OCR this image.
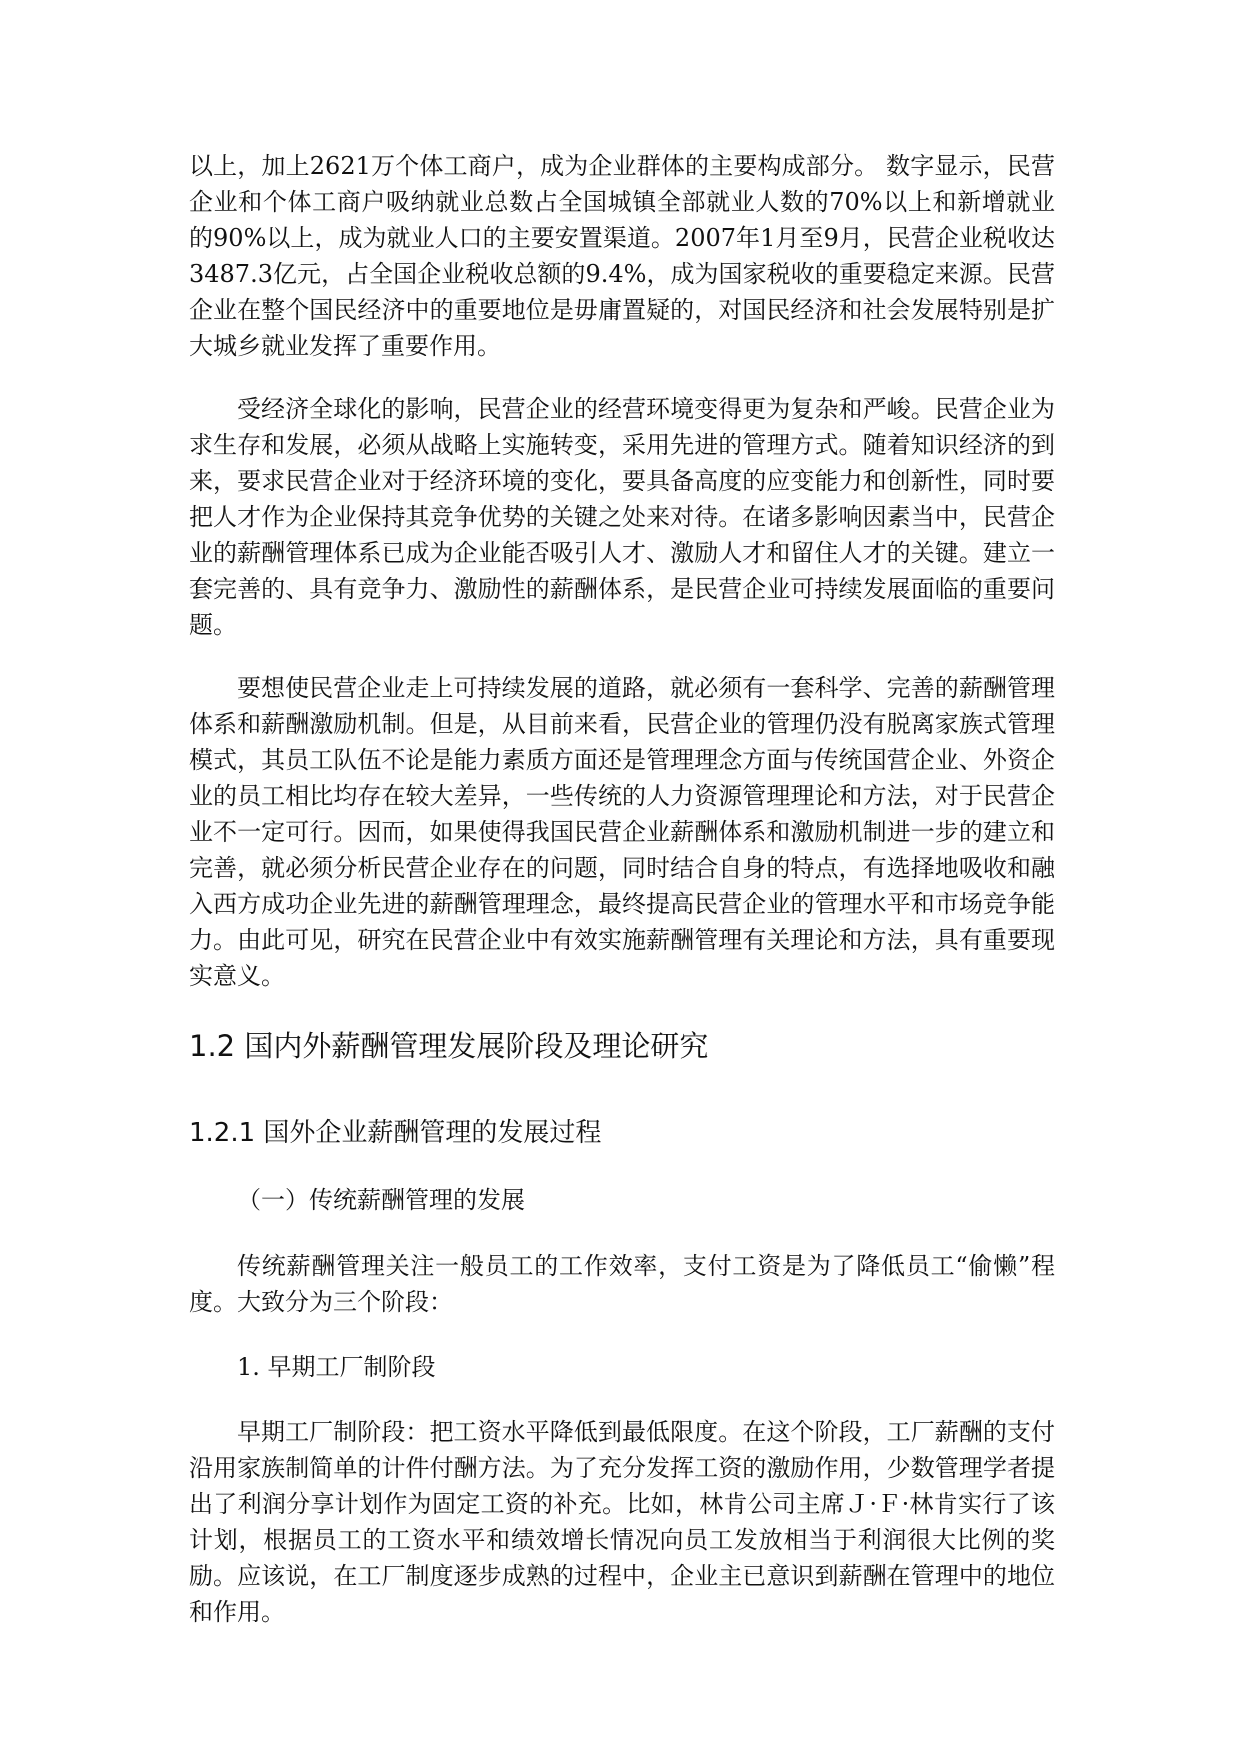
以上，加上2621万个体工商户，成为企业群体的主要构成部分。 数字显示，民营企业和个体工商户吸纳就业总数占全国城镇全部就业人数的70%以上和新增就业的90%以上，成为就业人口的主要安置渠道。2007年1月至9月，民营企业税收达3487.3亿元，占全国企业税收总额的9.4%，成为国家税收的重要稳定来源。民营企业在整个国民经济中的重要地位是毋庸置疑的，对国民经济和社会发展特别是扩大城乡就业发挥了重要作用。

受经济全球化的影响，民营企业的经营环境变得更为复杂和严峻。民营企业为求生存和发展，必须从战略上实施转变，采用先进的管理方式。随着知识经济的到来，要求民营企业对于经济环境的变化，要具备高度的应变能力和创新性，同时要把人才作为企业保持其竞争优势的关键之处来对待。在诸多影响因素当中，民营企业的薪酬管理体系已成为企业能否吸引人才、激励人才和留住人才的关键。建立一套完善的、具有竞争力、激励性的薪酬体系，是民营企业可持续发展面临的重要问题。

要想使民营企业走上可持续发展的道路，就必须有一套科学、完善的薪酬管理体系和薪酬激励机制。但是，从目前来看，民营企业的管理仍没有脱离家族式管理模式，其员工队伍不论是能力素质方面还是管理理念方面与传统国营企业、外资企业的员工相比均存在较大差异，一些传统的人力资源管理理论和方法，对于民营企业不一定可行。因而，如果使得我国民营企业薪酬体系和激励机制进一步的建立和完善，就必须分析民营企业存在的问题，同时结合自身的特点，有选择地吸收和融入西方成功企业先进的薪酬管理理念，最终提高民营企业的管理水平和市场竞争能力。由此可见，研究在民营企业中有效实施薪酬管理有关理论和方法，具有重要现实意义。

1.2 国内外薪酬管理发展阶段及理论研究
1.2.1 国外企业薪酬管理的发展过程

（一）传统薪酬管理的发展

传统薪酬管理关注一般员工的工作效率，支付工资是为了降低员工“偷懒”程度。大致分为三个阶段：

1. 早期工厂制阶段

早期工厂制阶段：把工资水平降低到最低限度。在这个阶段，工厂薪酬的支付沿用家族制简单的计件付酬方法。为了充分发挥工资的激励作用，少数管理学者提出了利润分享计划作为固定工资的补充。比如，林肯公司主席Ｊ·Ｆ·林肯实行了该计划，根据员工的工资水平和绩效增长情况向员工发放相当于利润很大比例的奖励。应该说，在工厂制度逐步成熟的过程中，企业主已意识到薪酬在管理中的地位和作用。
